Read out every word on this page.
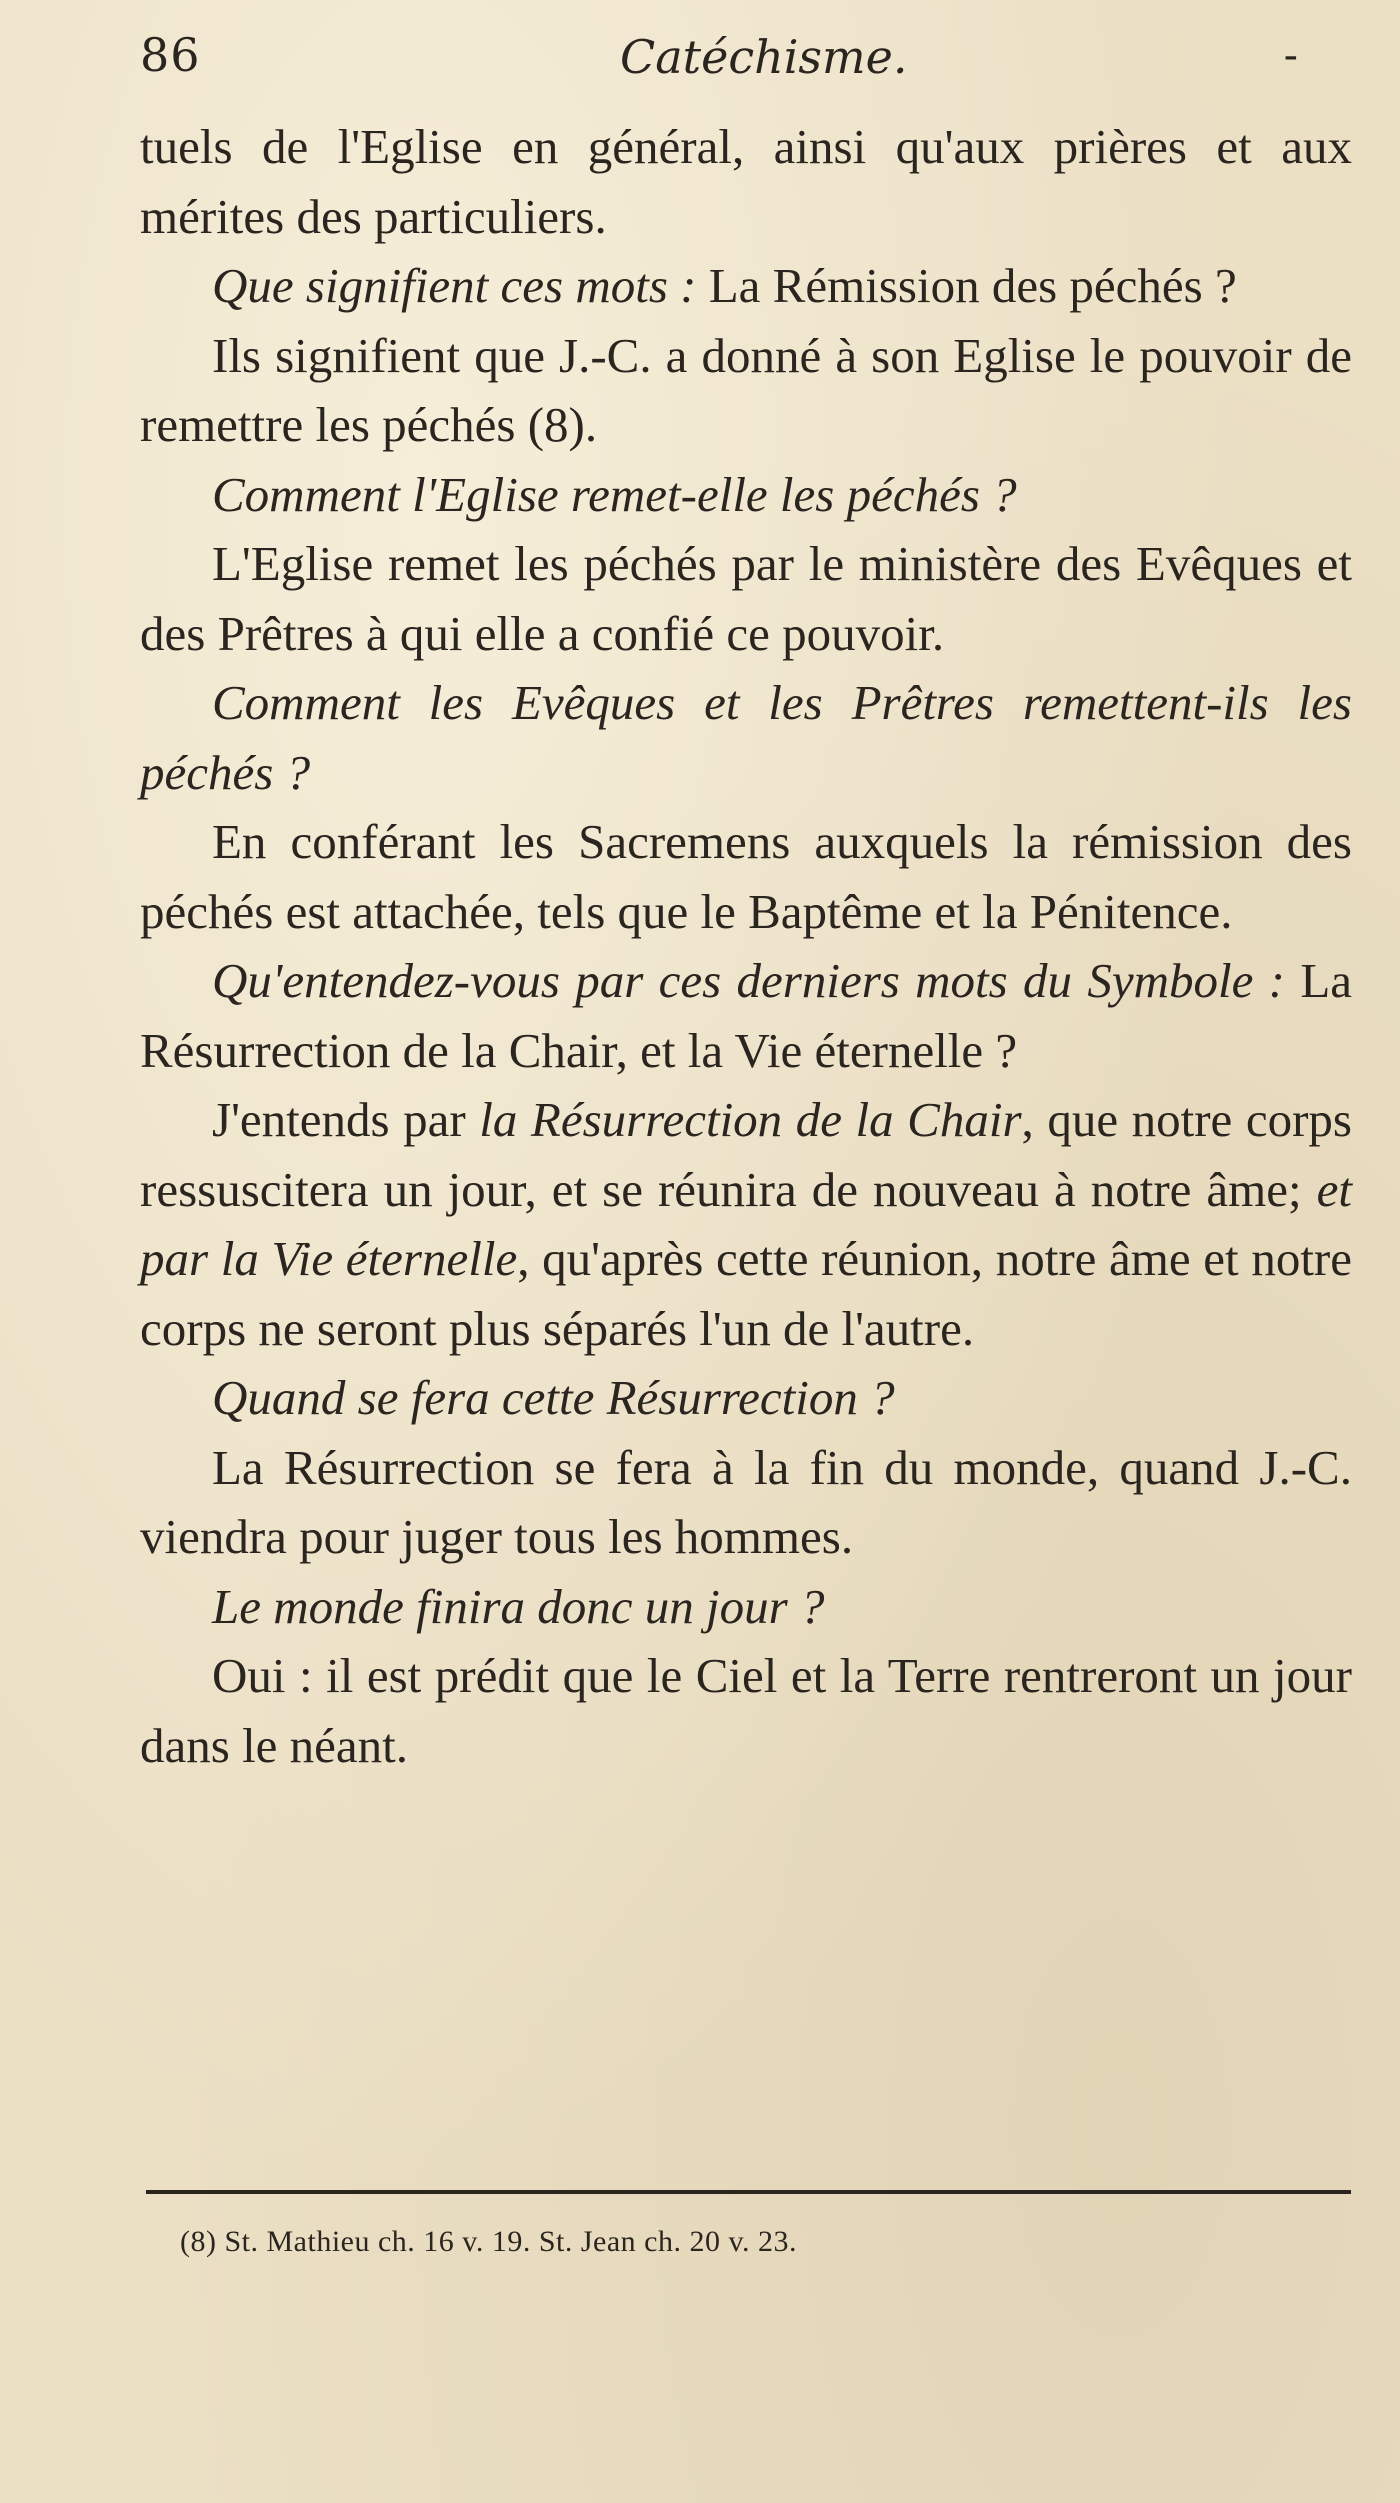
86	Catéchisme.	-

tuels de l'Eglise en général, ainsi qu'aux prières et aux mérites des particuliers.

Que signifient ces mots : La Rémission des péchés ?

Ils signifient que J.-C. a donné à son Eglise le pouvoir de remettre les péchés (8).

Comment l'Eglise remet-elle les péchés ?

L'Eglise remet les péchés par le ministère des Evêques et des Prêtres à qui elle a confié ce pouvoir.

Comment les Evêques et les Prêtres remettent-ils les péchés ?

En conférant les Sacremens auxquels la rémission des péchés est attachée, tels que le Baptême et la Pénitence.

Qu'entendez-vous par ces derniers mots du Symbole : La Résurrection de la Chair, et la Vie éternelle ?

J'entends par la Résurrection de la Chair, que notre corps ressuscitera un jour, et se réunira de nouveau à notre âme; et par la Vie éternelle, qu'après cette réunion, notre âme et notre corps ne seront plus séparés l'un de l'autre.

Quand se fera cette Résurrection ?

La Résurrection se fera à la fin du monde, quand J.-C. viendra pour juger tous les hommes.

Le monde finira donc un jour ?

Oui : il est prédit que le Ciel et la Terre rentreront un jour dans le néant.

(8) St. Mathieu ch. 16 v. 19. St. Jean ch. 20 v. 23.
